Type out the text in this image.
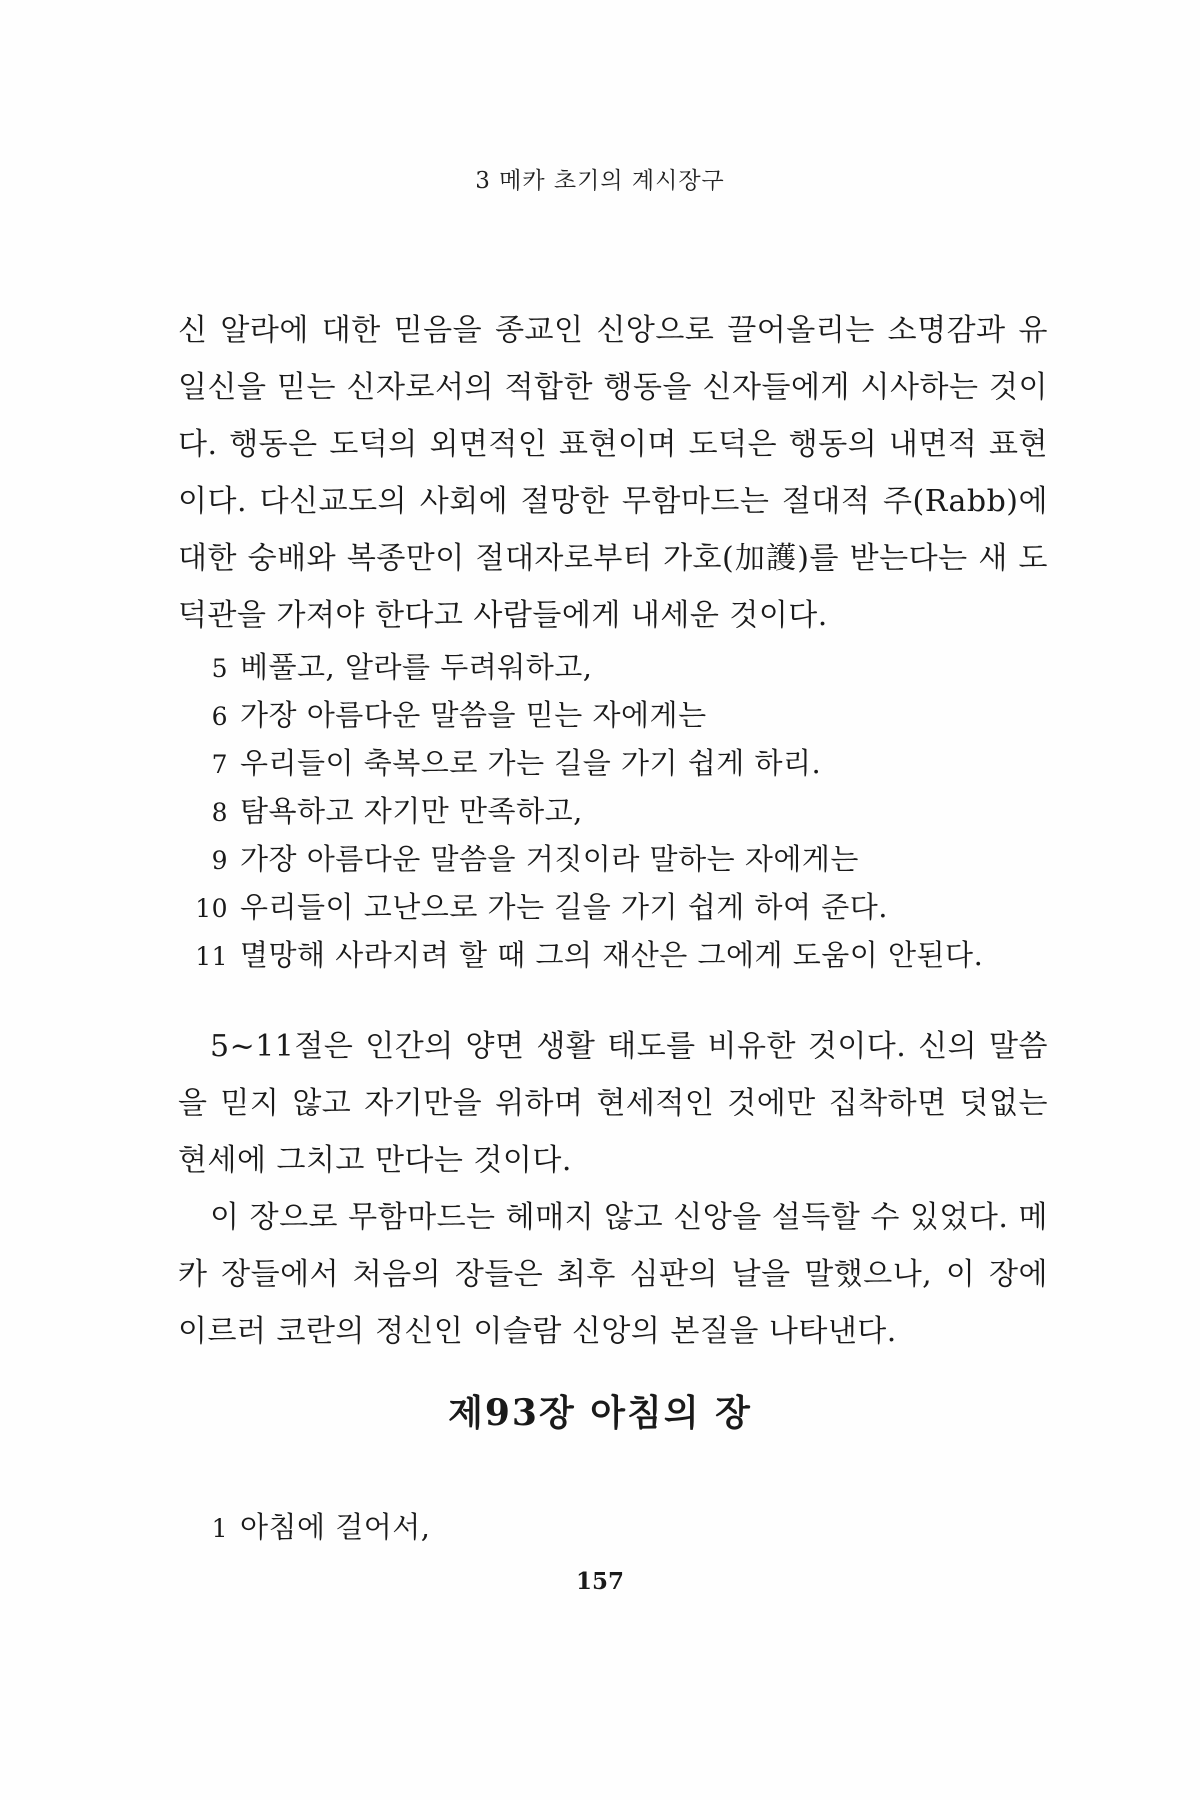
3 메카 초기의 계시장구

신 알라에 대한 믿음을 종교인 신앙으로 끌어올리는 소명감과 유일신을 믿는 신자로서의 적합한 행동을 신자들에게 시사하는 것이다. 행동은 도덕의 외면적인 표현이며 도덕은 행동의 내면적 표현이다. 다신교도의 사회에 절망한 무함마드는 절대적 주(Rabb)에 대한 숭배와 복종만이 절대자로부터 가호(加護)를 받는다는 새 도덕관을 가져야 한다고 사람들에게 내세운 것이다.

5 베풀고, 알라를 두려워하고,
6 가장 아름다운 말씀을 믿는 자에게는
7 우리들이 축복으로 가는 길을 가기 쉽게 하리.
8 탐욕하고 자기만 만족하고,
9 가장 아름다운 말씀을 거짓이라 말하는 자에게는
10 우리들이 고난으로 가는 길을 가기 쉽게 하여 준다.
11 멸망해 사라지려 할 때 그의 재산은 그에게 도움이 안된다.

5~11절은 인간의 양면 생활 태도를 비유한 것이다. 신의 말씀을 믿지 않고 자기만을 위하며 현세적인 것에만 집착하면 덧없는 현세에 그치고 만다는 것이다.

이 장으로 무함마드는 헤매지 않고 신앙을 설득할 수 있었다. 메카 장들에서 처음의 장들은 최후 심판의 날을 말했으나, 이 장에 이르러 코란의 정신인 이슬람 신앙의 본질을 나타낸다.

제93장 아침의 장
1 아침에 걸어서,
157
